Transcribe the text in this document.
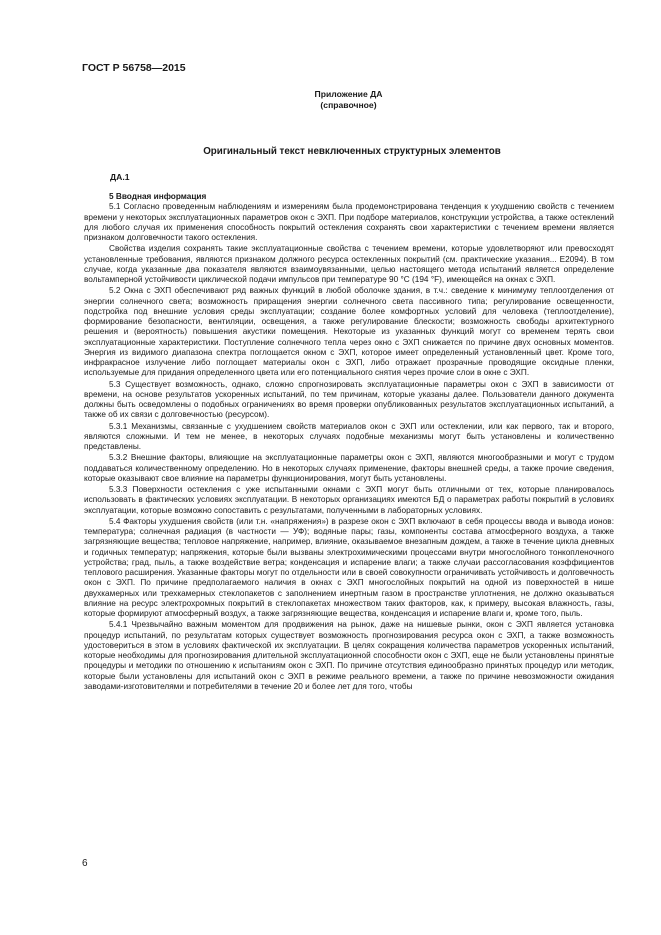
ГОСТ Р 56758—2015
Приложение ДА
(справочное)
Оригинальный текст невключенных структурных элементов
ДА.1
5 Вводная информация

5.1 Согласно проведенным наблюдениям и измерениям была продемонстрирована тенденция к ухудшению свойств с течением времени у некоторых эксплуатационных параметров окон с ЭХП. При подборе материалов, конструкции устройства, а также остеклений для любого случая их применения способность покрытий остекления сохранять свои характеристики с течением времени является признаком долговечности такого остекления.

Свойства изделия сохранять такие эксплуатационные свойства с течением времени, которые удовлетворяют или превосходят установленные требования, являются признаком должного ресурса остекленных покрытий (см. практические указания... Е2094). В том случае, когда указанные два показателя являются взаимоувязанными, целью настоящего метода испытаний является определение вольтамперной устойчивости циклической подачи импульсов при температуре 90 °С (194 °F), имеющейся на окнах с ЭХП.

5.2 Окна с ЭХП обеспечивают ряд важных функций в любой оболочке здания, в т.ч.: сведение к минимуму теплоотделения от энергии солнечного света; возможность приращения энергии солнечного света пассивного типа; регулирование освещенности, подстройка под внешние условия среды эксплуатации; создание более комфортных условий для человека (теплоотделение), формирование безопасности, вентиляции, освещения, а также регулирование блескости; возможность свободы архитектурного решения и (вероятность) повышения акустики помещения. Некоторые из указанных функций могут со временем терять свои эксплуатационные характеристики. Поступление солнечного тепла через окно с ЭХП снижается по причине двух основных моментов. Энергия из видимого диапазона спектра поглощается окном с ЭХП, которое имеет определенный установленный цвет. Кроме того, инфракрасное излучение либо поглощает материалы окон с ЭХП, либо отражает прозрачные проводящие оксидные пленки, используемые для придания определенного цвета или его потенциального снятия через прочие слои в окне с ЭХП.

5.3 Существует возможность, однако, сложно спрогнозировать эксплуатационные параметры окон с ЭХП в зависимости от времени, на основе результатов ускоренных испытаний, по тем причинам, которые указаны далее. Пользователи данного документа должны быть осведомлены о подобных ограничениях во время проверки опубликованных результатов эксплуатационных испытаний, а также об их связи с долговечностью (ресурсом).

5.3.1 Механизмы, связанные с ухудшением свойств материалов окон с ЭХП или остеклении, или как первого, так и второго, являются сложными. И тем не менее, в некоторых случаях подобные механизмы могут быть установлены и количественно представлены.

5.3.2 Внешние факторы, влияющие на эксплуатационные параметры окон с ЭХП, являются многообразными и могут с трудом поддаваться количественному определению. Но в некоторых случаях применение, факторы внешней среды, а также прочие сведения, которые оказывают свое влияние на параметры функционирования, могут быть установлены.

5.3.3 Поверхности остекления с уже испытанными окнами с ЭХП могут быть отличными от тех, которые планировалось использовать в фактических условиях эксплуатации. В некоторых организациях имеются БД о параметрах работы покрытий в условиях эксплуатации, которые возможно сопоставить с результатами, полученными в лабораторных условиях.

5.4 Факторы ухудшения свойств (или т.н. «напряжения») в разрезе окон с ЭХП включают в себя процессы ввода и вывода ионов: температура; солнечная радиация (в частности — УФ); водяные пары; газы, компоненты состава атмосферного воздуха, а также загрязняющие вещества; тепловое напряжение, например, влияние, оказываемое внезапным дождем, а также в течение цикла дневных и годичных температур; напряжения, которые были вызваны электрохимическими процессами внутри многослойного тонкопленочного устройства; град, пыль, а также воздействие ветра; конденсация и испарение влаги; а также случаи рассогласования коэффициентов теплового расширения. Указанные факторы могут по отдельности или в своей совокупности ограничивать устойчивость и долговечность окон с ЭХП. По причине предполагаемого наличия в окнах с ЭХП многослойных покрытий на одной из поверхностей в нише двухкамерных или трехкамерных стеклопакетов с заполнением инертным газом в пространстве уплотнения, не должно оказываться влияние на ресурс электрохромных покрытий в стеклопакетах множеством таких факторов, как, к примеру, высокая влажность, газы, которые формируют атмосферный воздух, а также загрязняющие вещества, конденсация и испарение влаги и, кроме того, пыль.

5.4.1 Чрезвычайно важным моментом для продвижения на рынок, даже на нишевые рынки, окон с ЭХП является установка процедур испытаний, по результатам которых существует возможность прогнозирования ресурса окон с ЭХП, а также возможность удостовериться в этом в условиях фактической их эксплуатации. В целях сокращения количества параметров ускоренных испытаний, которые необходимы для прогнозирования длительной эксплуатационной способности окон с ЭХП, еще не были установлены принятые процедуры и методики по отношению к испытаниям окон с ЭХП. По причине отсутствия единообразно принятых процедур или методик, которые были установлены для испытаний окон с ЭХП в режиме реального времени, а также по причине невозможности ожидания заводами-изготовителями и потребителями в течение 20 и более лет для того, чтобы

6
